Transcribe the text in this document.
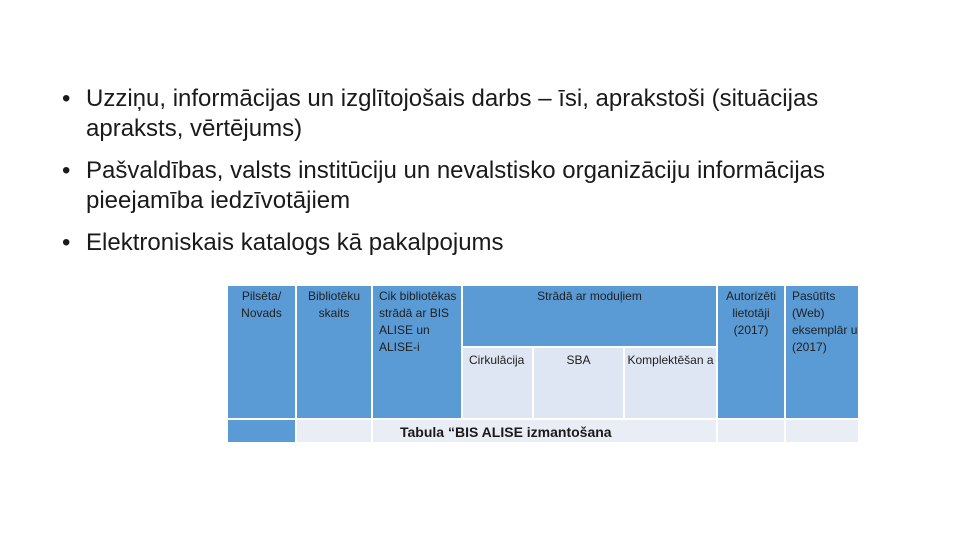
• Uzziņu, informācijas un izglītojošais darbs – īsi, aprakstoši (situācijas apraksts, vērtējums)
• Pašvaldības, valsts institūciju un nevalstisko organizāciju informācijas pieejamība iedzīvotājiem
• Elektroniskais katalogs kā pakalpojums
Pilsēta/ Novads
Bibliotēku skaits
Cik bibliotēkas strādā ar BIS ALISE un ALISE-i
Strādā ar moduļiem
Cirkulācija	SBA	Komplektēšan a
Autorizēti lietotāji (2017)
Pasūtīts (Web) eksemplār u (2017)
Tabula “BIS ALISE izmantošana
